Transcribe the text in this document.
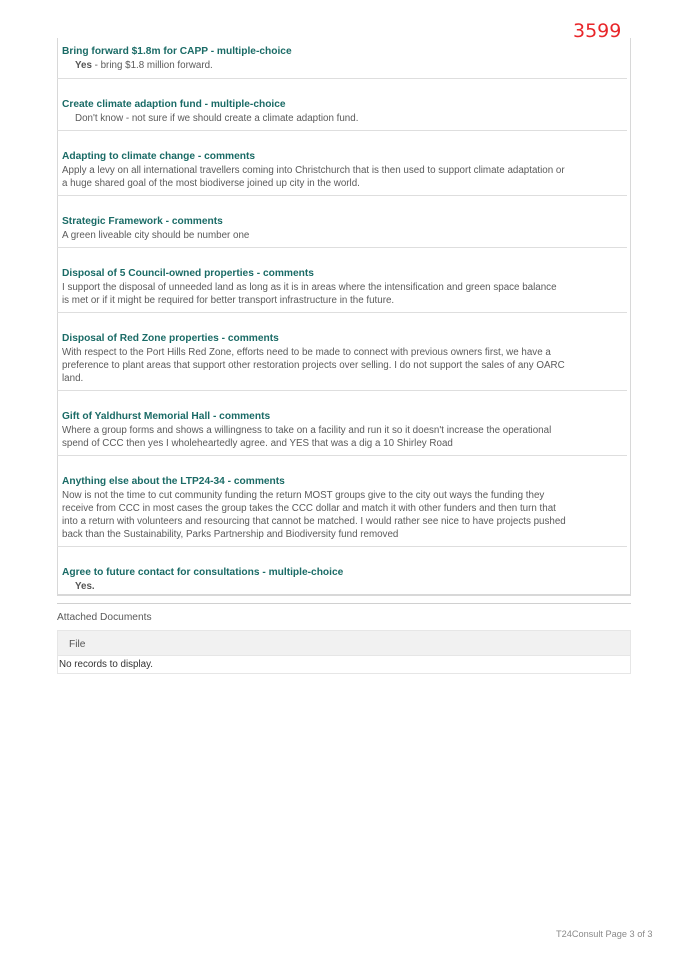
3599
Bring forward $1.8m for CAPP - multiple-choice
Yes - bring $1.8 million forward.
Create climate adaption fund - multiple-choice
Don't know - not sure if we should create a climate adaption fund.
Adapting to climate change - comments
Apply a levy on all international travellers coming into Christchurch that is then used to support climate adaptation or
a huge shared goal of the most biodiverse joined up city in the world.
Strategic Framework - comments
A green liveable city should be number one
Disposal of 5 Council-owned properties - comments
I support the disposal of unneeded land as long as it is in areas where the intensification and green space balance
is met or if it might be required for better transport infrastructure in the future.
Disposal of Red Zone properties - comments
With respect to the Port Hills Red Zone, efforts need to be made to connect with previous owners first, we have a
preference to plant areas that support other restoration projects over selling. I do not support the sales of any OARC
land.
Gift of Yaldhurst Memorial Hall - comments
Where a group forms and shows a willingness to take on a facility and run it so it doesn't increase the operational
spend of CCC then yes I wholeheartedly agree. and YES that was a dig a 10 Shirley Road
Anything else about the LTP24-34 - comments
Now is not the time to cut community funding the return MOST groups give to the city out ways the funding they
receive from CCC in most cases the group takes the CCC dollar and match it with other funders and then turn that
into a return with volunteers and resourcing that cannot be matched. I would rather see nice to have projects pushed
back than the Sustainability, Parks Partnership and Biodiversity fund removed
Agree to future contact for consultations - multiple-choice
Yes.
Attached Documents
File
No records to display.
T24Consult Page 3 of 3
